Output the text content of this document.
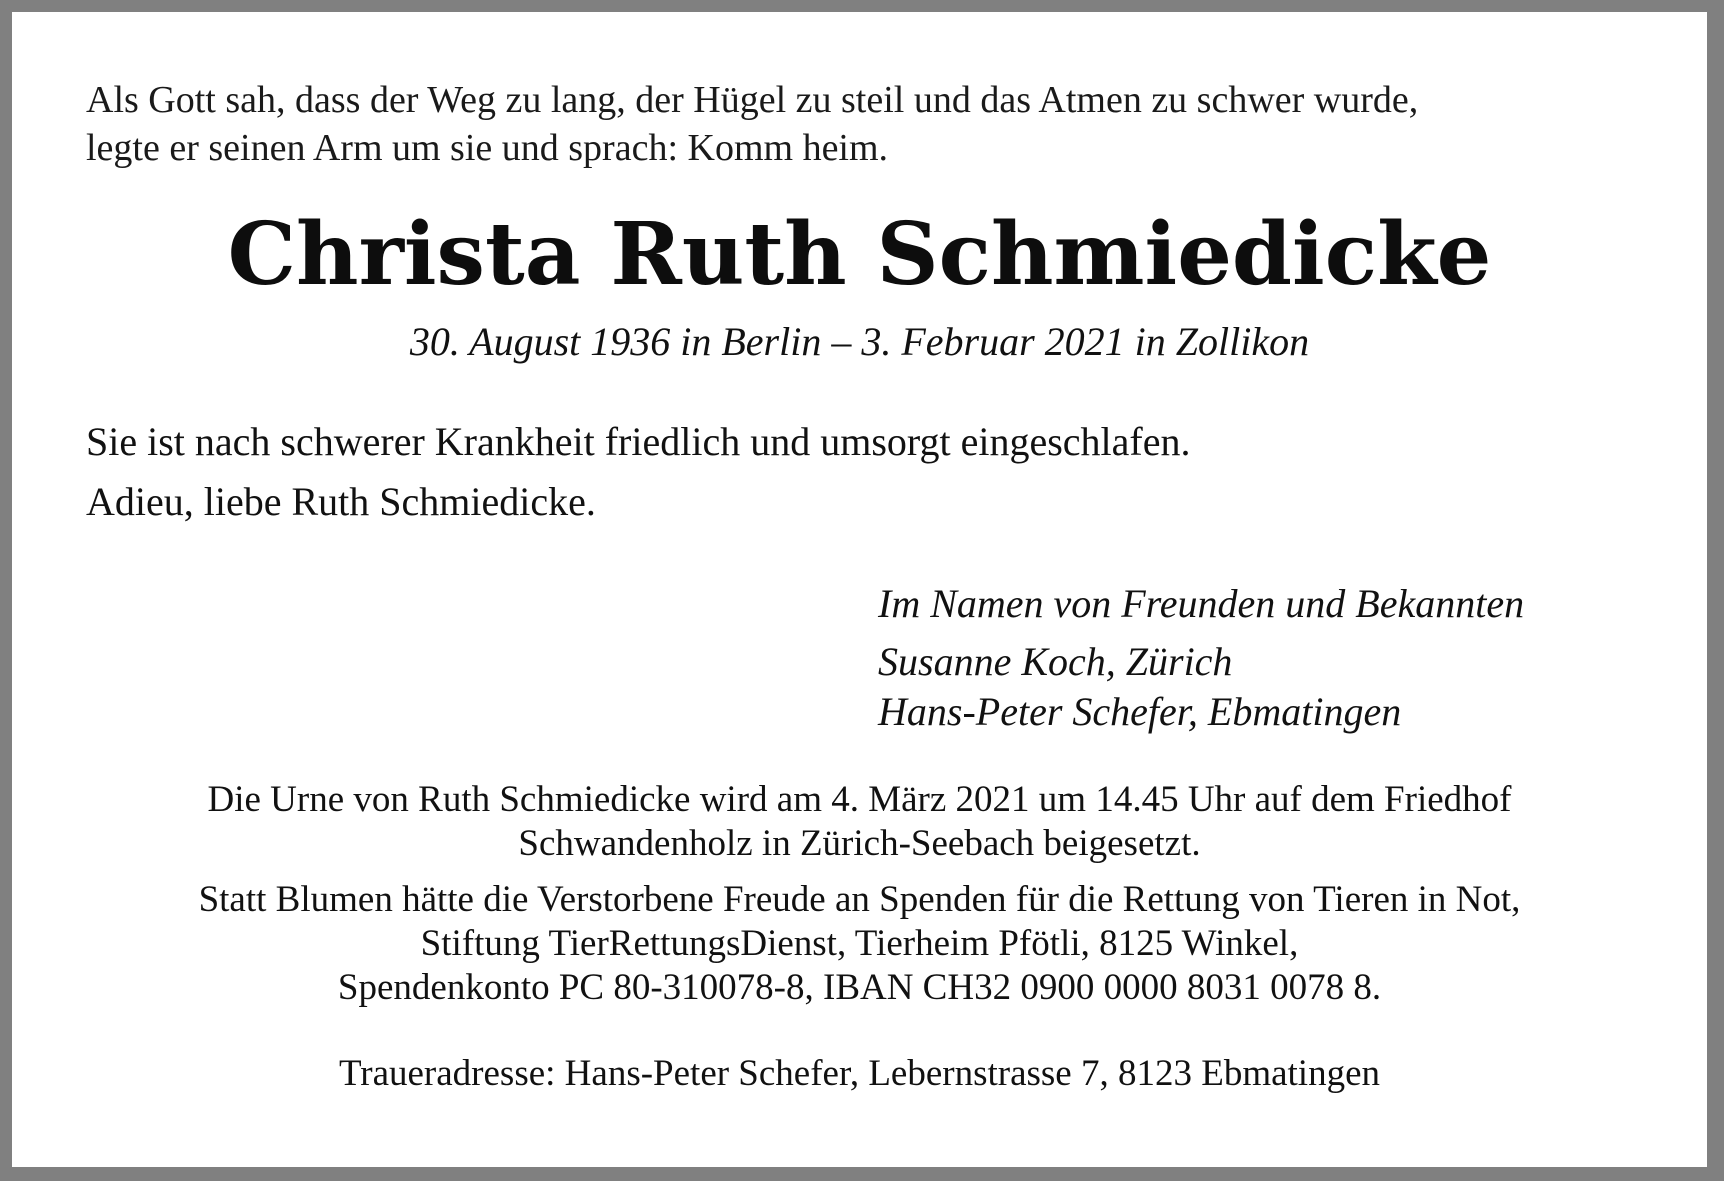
Als Gott sah, dass der Weg zu lang, der Hügel zu steil und das Atmen zu schwer wurde,
legte er seinen Arm um sie und sprach: Komm heim.
Christa Ruth Schmiedicke
30. August 1936 in Berlin – 3. Februar 2021 in Zollikon
Sie ist nach schwerer Krankheit friedlich und umsorgt eingeschlafen.
Adieu, liebe Ruth Schmiedicke.
Im Namen von Freunden und Bekannten
Susanne Koch, Zürich
Hans-Peter Schefer, Ebmatingen
Die Urne von Ruth Schmiedicke wird am 4. März 2021 um 14.45 Uhr auf dem Friedhof
Schwandenholz in Zürich-Seebach beigesetzt.
Statt Blumen hätte die Verstorbene Freude an Spenden für die Rettung von Tieren in Not,
Stiftung TierRettungsDienst, Tierheim Pfötli, 8125 Winkel,
Spendenkonto PC 80-310078-8, IBAN CH32 0900 0000 8031 0078 8.
Traueradresse: Hans-Peter Schefer, Lebernstrasse 7, 8123 Ebmatingen
